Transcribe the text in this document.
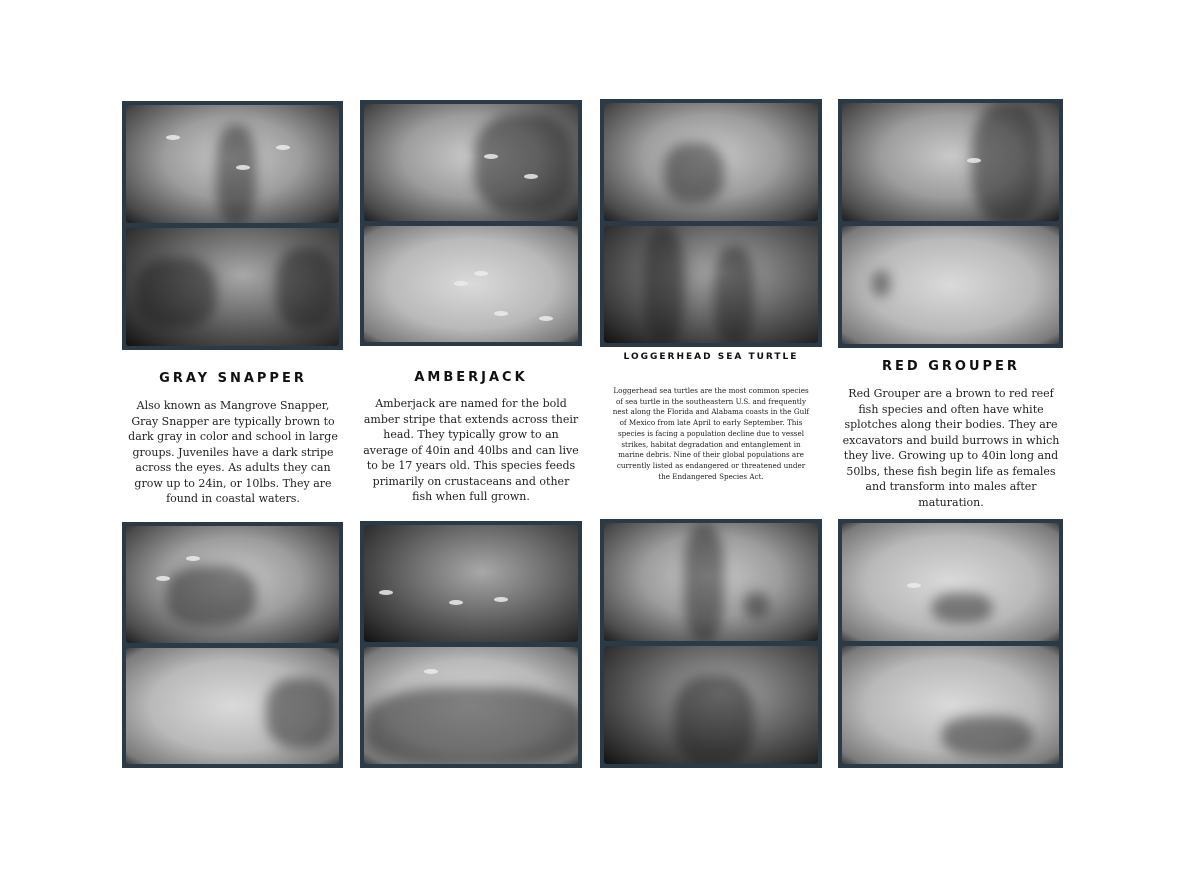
GRAY SNAPPER

Also known as Mangrove Snapper, Gray Snapper are typically brown to dark gray in color and school in large groups. Juveniles have a dark stripe across the eyes. As adults they can grow up to 24in, or 10lbs. They are found in coastal waters.

AMBERJACK

Amberjack are named for the bold amber stripe that extends across their head. They typically grow to an average of 40in and 40lbs and can live to be 17 years old. This species feeds primarily on crustaceans and other fish when full grown.

LOGGERHEAD SEA TURTLE

Loggerhead sea turtles are the most common species of sea turtle in the southeastern U.S. and frequently nest along the Florida and Alabama coasts in the Gulf of Mexico from late April to early September. This species is facing a population decline due to vessel strikes, habitat degradation and entanglement in marine debris. Nine of their global populations are currently listed as endangered or threatened under the Endangered Species Act.

RED GROUPER

Red Grouper are a brown to red reef fish species and often have white splotches along their bodies. They are excavators and build burrows in which they live. Growing up to 40in long and 50lbs, these fish begin life as females and transform into males after maturation.
